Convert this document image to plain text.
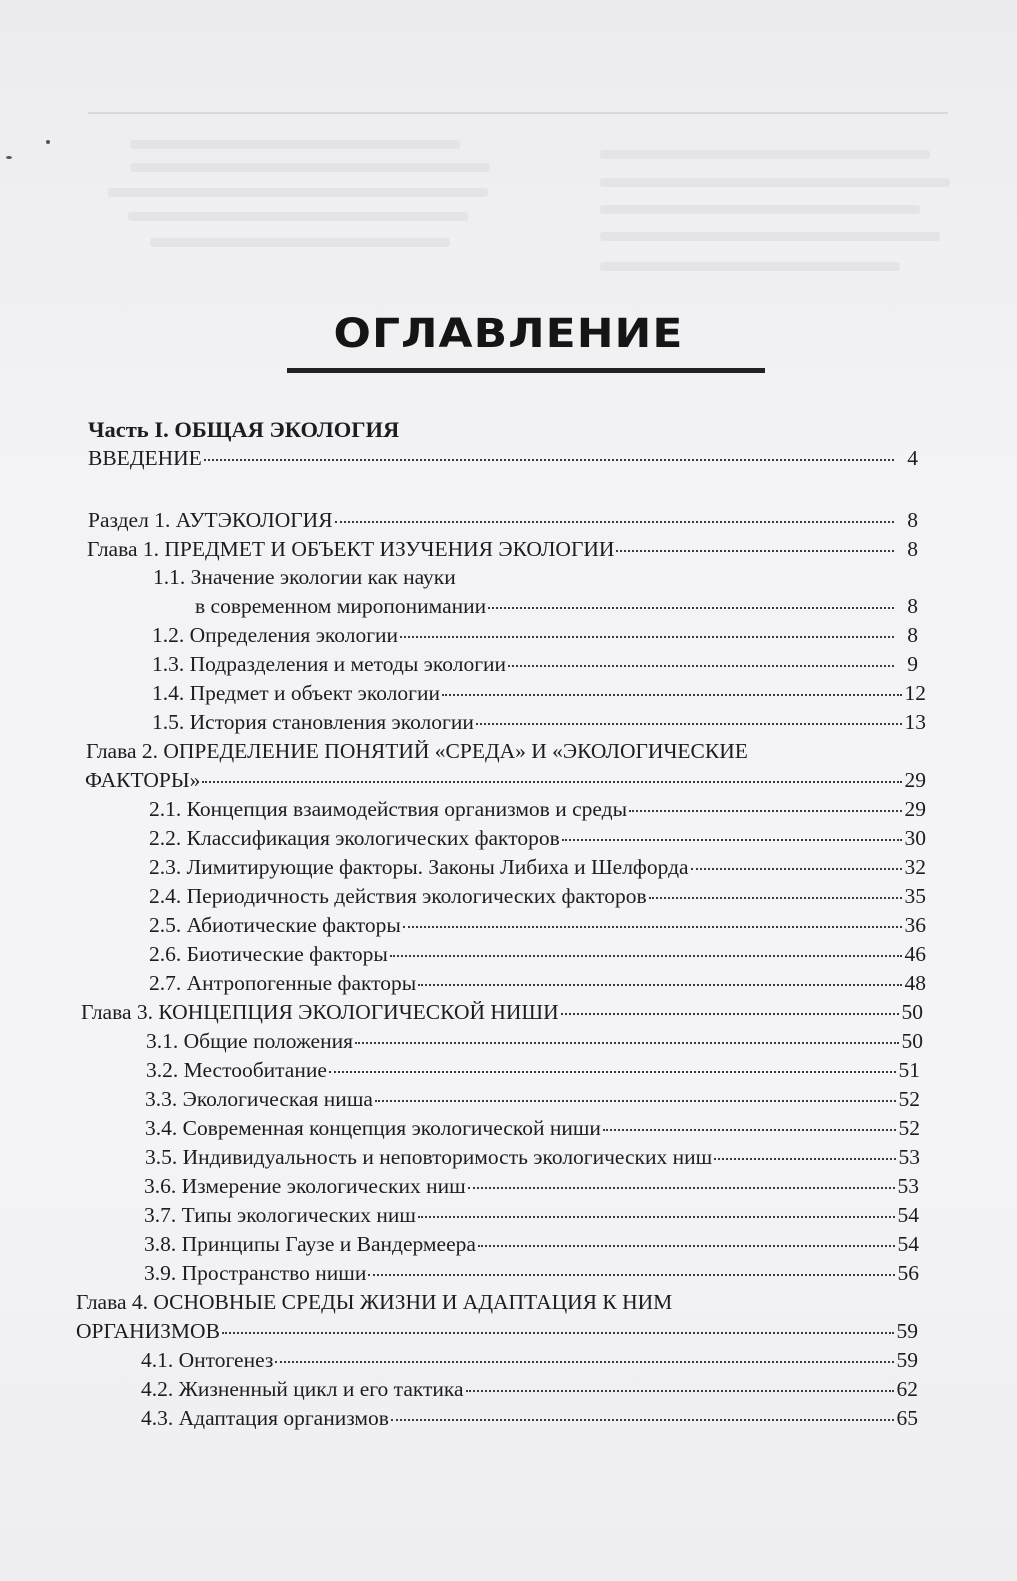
ОГЛАВЛЕНИЕ
Часть I. ОБЩАЯ ЭКОЛОГИЯ
ВВЕДЕНИЕ	4
Раздел 1. АУТЭКОЛОГИЯ	8
Глава 1. ПРЕДМЕТ И ОБЪЕКТ ИЗУЧЕНИЯ ЭКОЛОГИИ	8
1.1. Значение экологии как науки
в современном миропонимании	8
1.2. Определения экологии	8
1.3. Подразделения и методы экологии	9
1.4. Предмет и объект экологии	12
1.5. История становления экологии	13
Глава 2. ОПРЕДЕЛЕНИЕ ПОНЯТИЙ «СРЕДА» И «ЭКОЛОГИЧЕСКИЕ
ФАКТОРЫ»	29
2.1. Концепция взаимодействия организмов и среды	29
2.2. Классификация экологических факторов	30
2.3. Лимитирующие факторы. Законы Либиха и Шелфорда	32
2.4. Периодичность действия экологических факторов	35
2.5. Абиотические факторы	36
2.6. Биотические факторы	46
2.7. Антропогенные факторы	48
Глава 3. КОНЦЕПЦИЯ ЭКОЛОГИЧЕСКОЙ НИШИ	50
3.1. Общие положения	50
3.2. Местообитание	51
3.3. Экологическая ниша	52
3.4. Современная концепция экологической ниши	52
3.5. Индивидуальность и неповторимость экологических ниш	53
3.6. Измерение экологических ниш	53
3.7. Типы экологических ниш	54
3.8. Принципы Гаузе и Вандермеера	54
3.9. Пространство ниши	56
Глава 4. ОСНОВНЫЕ СРЕДЫ ЖИЗНИ И АДАПТАЦИЯ К НИМ
ОРГАНИЗМОВ	59
4.1. Онтогенез	59
4.2. Жизненный цикл и его тактика	62
4.3. Адаптация организмов	65
